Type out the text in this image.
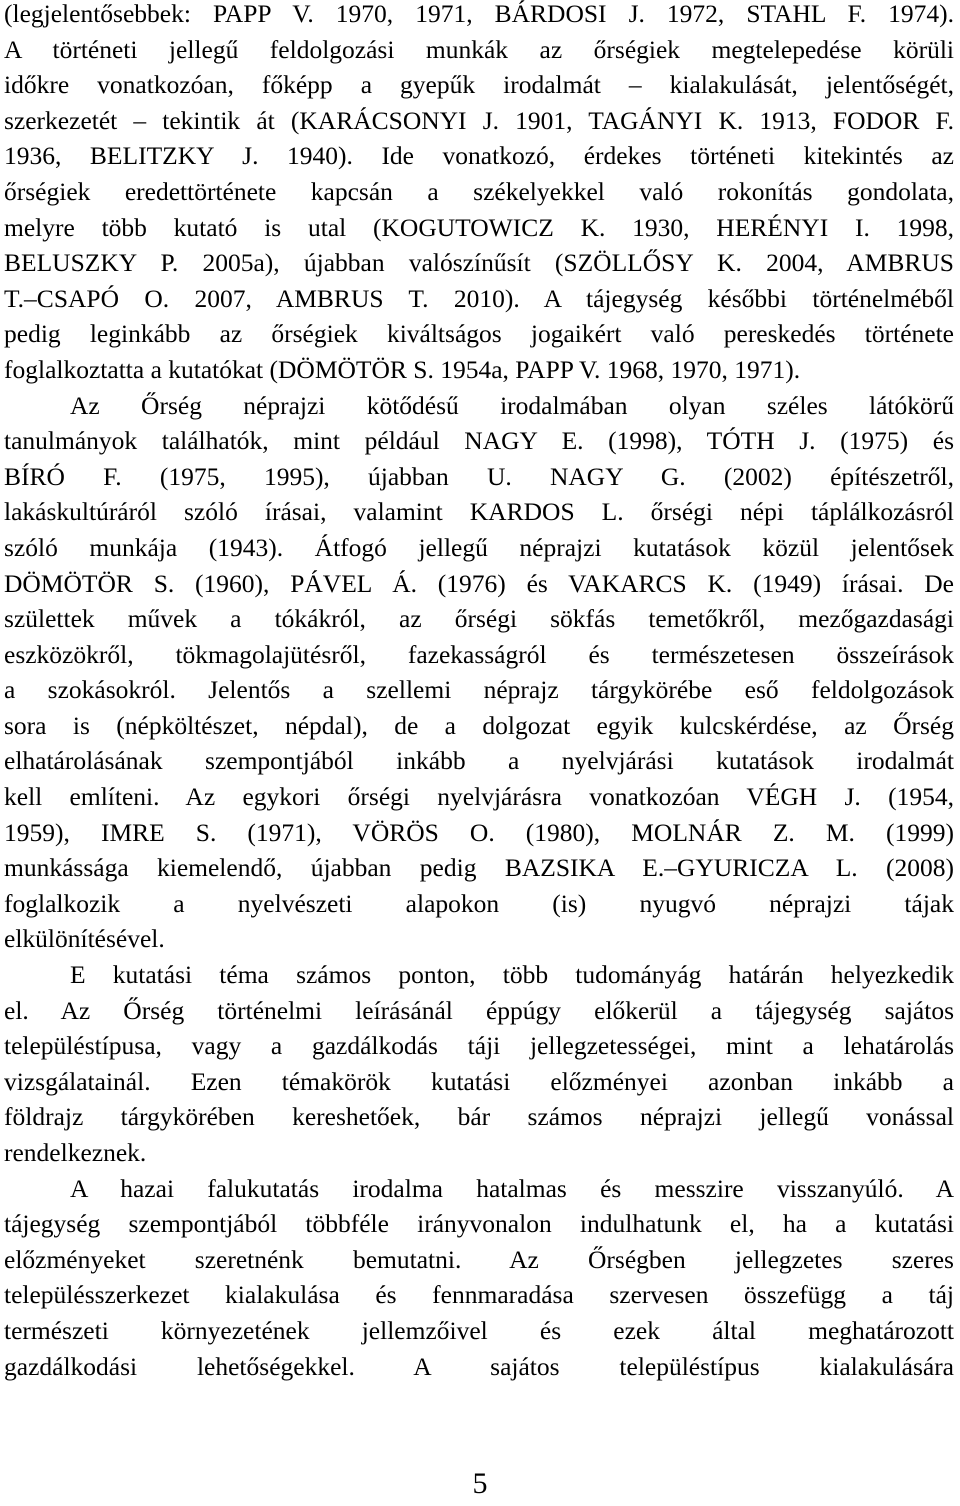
(legjelentősebbek: PAPP V. 1970, 1971, BÁRDOSI J. 1972, STAHL F. 1974).
A történeti jellegű feldolgozási munkák az őrségiek megtelepedése körüli
időkre vonatkozóan, főképp a gyepűk irodalmát – kialakulását, jelentőségét,
szerkezetét – tekintik át (KARÁCSONYI J. 1901, TAGÁNYI K. 1913, FODOR F.
1936, BELITZKY J. 1940). Ide vonatkozó, érdekes történeti kitekintés az
őrségiek eredettörténete kapcsán a székelyekkel való rokonítás gondolata,
melyre több kutató is utal (KOGUTOWICZ K. 1930, HERÉNYI I. 1998,
BELUSZKY P. 2005a), újabban valószínűsít (SZÖLLŐSY K. 2004, AMBRUS
T.–CSAPÓ O. 2007, AMBRUS T. 2010). A tájegység későbbi történelméből
pedig leginkább az őrségiek kiváltságos jogaikért való pereskedés története
foglalkoztatta a kutatókat (DÖMÖTÖR S. 1954a, PAPP V. 1968, 1970, 1971).
Az Őrség néprajzi kötődésű irodalmában olyan széles látókörű
tanulmányok találhatók, mint például NAGY E. (1998), TÓTH J. (1975) és
BÍRÓ F. (1975, 1995), újabban U. NAGY G. (2002) építészetről,
lakáskultúráról szóló írásai, valamint KARDOS L. őrségi népi táplálkozásról
szóló munkája (1943). Átfogó jellegű néprajzi kutatások közül jelentősek
DÖMÖTÖR S. (1960), PÁVEL Á. (1976) és VAKARCS K. (1949) írásai. De
születtek művek a tókákról, az őrségi sökfás temetőkről, mezőgazdasági
eszközökről, tökmagolajütésről, fazekasságról és természetesen összeírások
a szokásokról. Jelentős a szellemi néprajz tárgykörébe eső feldolgozások
sora is (népköltészet, népdal), de a dolgozat egyik kulcskérdése, az Őrség
elhatárolásának szempontjából inkább a nyelvjárási kutatások irodalmát
kell említeni. Az egykori őrségi nyelvjárásra vonatkozóan VÉGH J. (1954,
1959), IMRE S. (1971), VÖRÖS O. (1980), MOLNÁR Z. M. (1999)
munkássága kiemelendő, újabban pedig BAZSIKA E.–GYURICZA L. (2008)
foglalkozik a nyelvészeti alapokon (is) nyugvó néprajzi tájak
elkülönítésével.
E kutatási téma számos ponton, több tudományág határán helyezkedik
el. Az Őrség történelmi leírásánál éppúgy előkerül a tájegység sajátos
településtípusa, vagy a gazdálkodás táji jellegzetességei, mint a lehatárolás
vizsgálatainál. Ezen témakörök kutatási előzményei azonban inkább a
földrajz tárgykörében kereshetőek, bár számos néprajzi jellegű vonással
rendelkeznek.
A hazai falukutatás irodalma hatalmas és messzire visszanyúló. A
tájegység szempontjából többféle irányvonalon indulhatunk el, ha a kutatási
előzményeket szeretnénk bemutatni. Az Őrségben jellegzetes szeres
településszerkezet kialakulása és fennmaradása szervesen összefügg a táj
természeti környezetének jellemzőivel és ezek által meghatározott
gazdálkodási lehetőségekkel. A sajátos településtípus kialakulására
5
